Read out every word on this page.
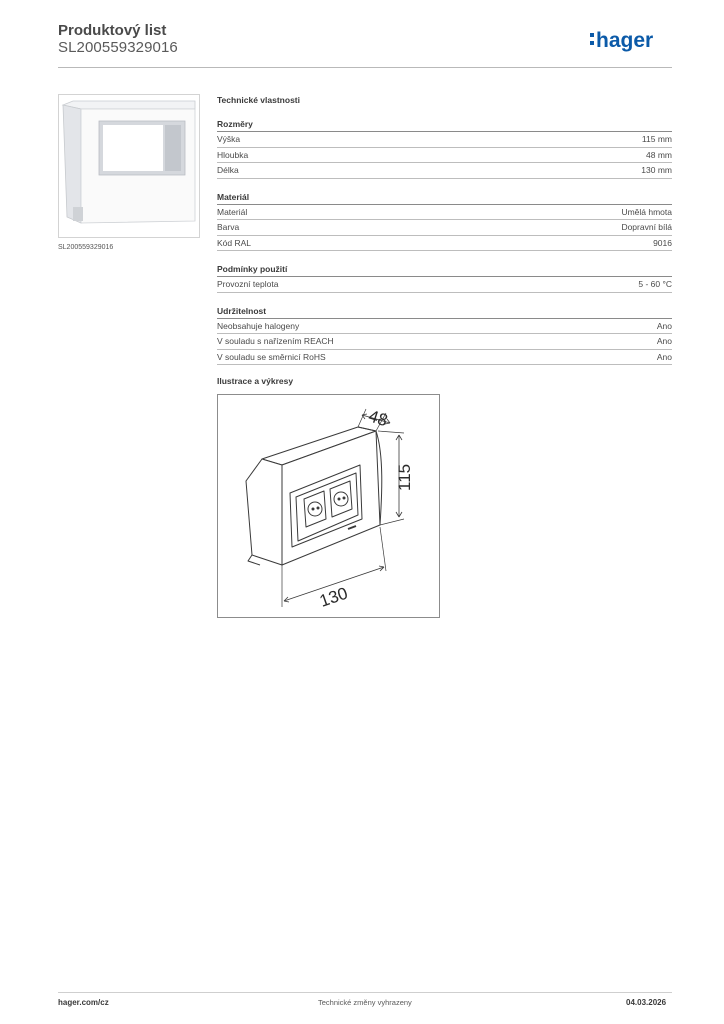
Produktový list
SL200559329016	hager
SL200559329016
Technické vlastnosti
Rozměry
Výška	115 mm
Hloubka	48 mm
Délka	130 mm
Materiál
Materiál	Umělá hmota
Barva	Dopravní bílá
Kód RAL	9016
Podmínky použití
Provozní teplota	5 - 60 °C
Udržitelnost
Neobsahuje halogeny	Ano
V souladu s nařízením REACH	Ano
V souladu se směrnicí RoHS	Ano
Ilustrace a výkresy
48
115
130
hager.com/cz	Technické změny vyhrazeny	04.03.2026
